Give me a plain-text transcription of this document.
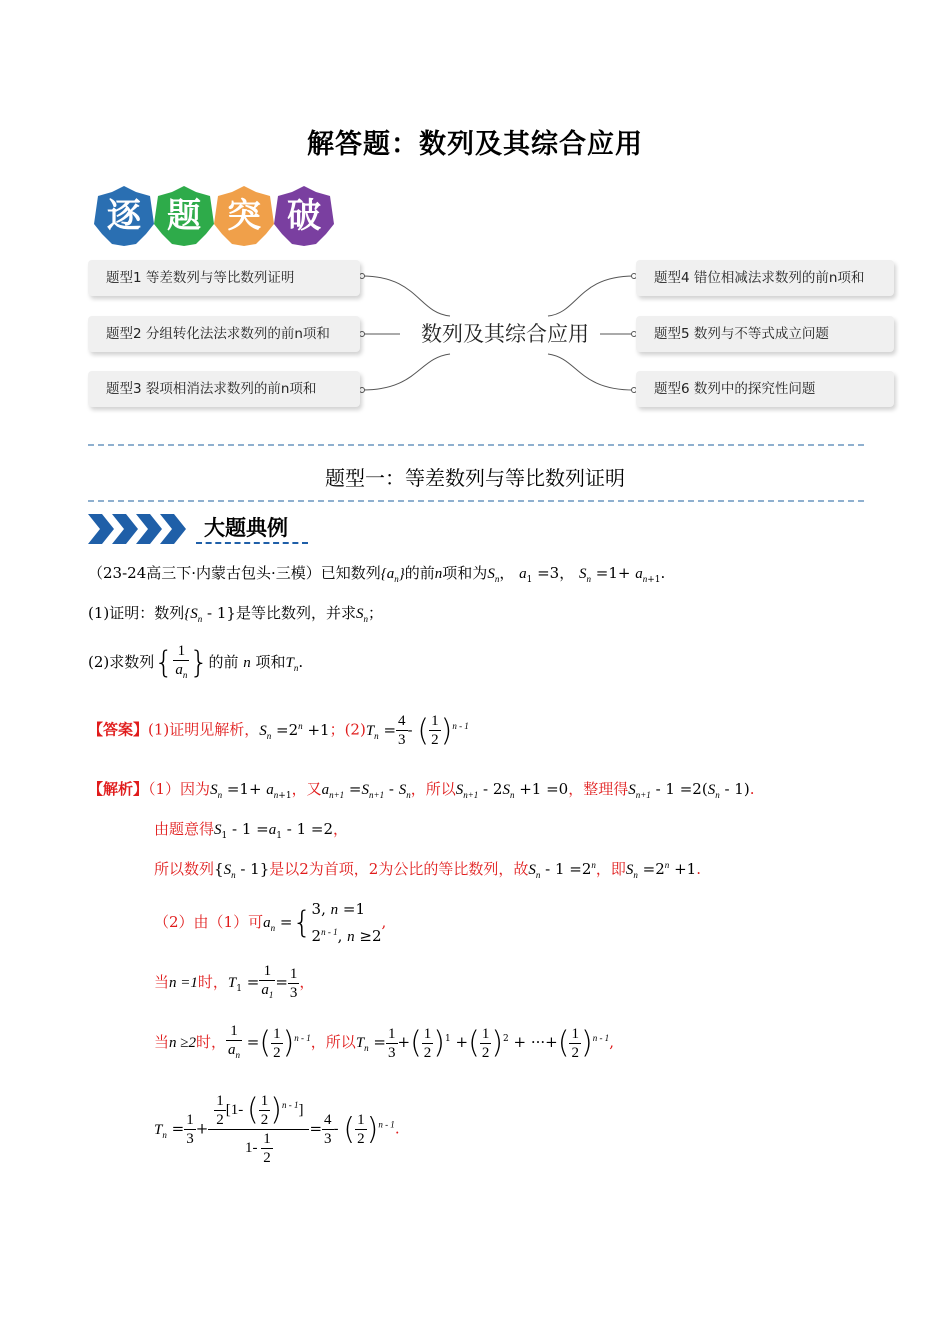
解答题：数列及其综合应用
逐 题 突 破
题型1 等差数列与等比数列证明
题型2 分组转化法法求数列的前n项和
题型3 裂项相消法求数列的前n项和
题型4 错位相减法求数列的前n项和
题型5 数列与不等式成立问题
题型6 数列中的探究性问题
数列及其综合应用
题型一：等差数列与等比数列证明
大题典例
（23-24高三下·内蒙古包头·三模）已知数列$\{a_n\}$的前n项和为$S_n$， $a_1 =3$， $S_n =1+ a_{n+1}$.
(1)证明：数列$\{S_n - 1\}$是等比数列，并求$S_n$；
(2)求数列{ $\frac{1}{a_n}$ }的前 n 项和$T_n$.
【答案】(1)证明见解析，$S_n =2^n +1$；$(2)T_n = \frac{4}{3}$ - ( $\frac{1}{2} )^{n - 1}$
【解析】（1）因为$S_n =1+ a_{n+1}$，又$a_{n+1} =S_{n+1} - S_n$，所以$S_{n+1} - 2S_n +1 =0$，整理得$S_{n+1} - 1 =2(S_n - 1)$.
由题意得$S_1 - 1 =a_1 - 1 =2$，
所以数列$\{S_n - 1\}$是以2为首项，2为公比的等比数列，故$S_n - 1 =2^n$，即$S_n =2^n +1$.
（2）由（1）可$a_n =\{3$, n =1
2$^{n - 1}$, n ≥2,
当n =1时，$T_1 = \frac{1}{a_1} = \frac{1}{3}$ ，
当n ≥2时， $\frac{1}{a_n}$ =( $\frac{1}{2} )^{n - 1}$，所以$T_n = \frac{1}{3}$ +( $\frac{1}{2} )^1$ +( $\frac{1}{2} )^2$ + ···+( $\frac{1}{2} )^{n - 1}$,
$T_n = \frac{1}{3} + \frac{\frac{1}{2} [1- ( \frac{1}{2} )^{n - 1}]}{1- \frac{1}{2}} = \frac{4}{3}$ - ( $\frac{1}{2} )^{n - 1}$.
